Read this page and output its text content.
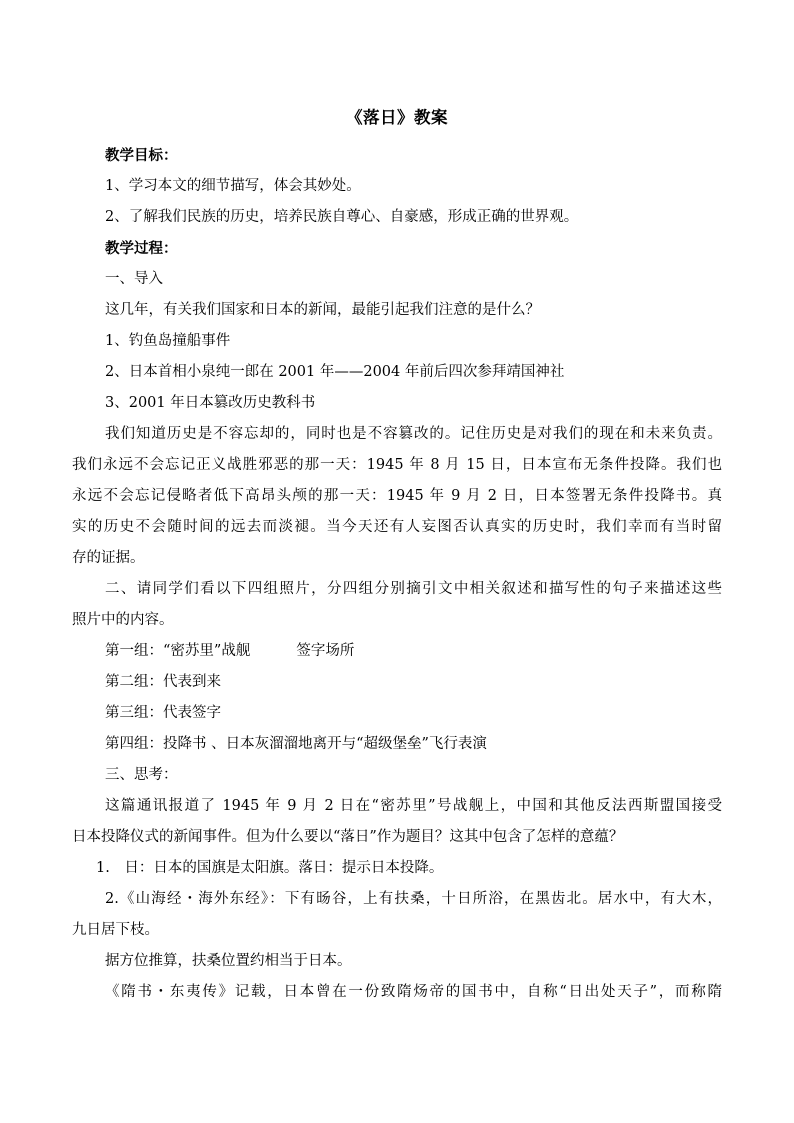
《落日》教案
教学目标：
1、学习本文的细节描写，体会其妙处。
2、了解我们民族的历史，培养民族自尊心、自豪感，形成正确的世界观。
教学过程：
一、导入
这几年，有关我们国家和日本的新闻，最能引起我们注意的是什么？
1、钓鱼岛撞船事件
2、日本首相小泉纯一郎在 2001 年——2004 年前后四次参拜靖国神社
3、2001 年日本篡改历史教科书
我们知道历史是不容忘却的，同时也是不容篡改的。记住历史是对我们的现在和未来负责。
我们永远不会忘记正义战胜邪恶的那一天：1945 年 8 月 15 日，日本宣布无条件投降。我们也
永远不会忘记侵略者低下高昂头颅的那一天：1945 年 9 月 2 日，日本签署无条件投降书。真
实的历史不会随时间的远去而淡褪。当今天还有人妄图否认真实的历史时，我们幸而有当时留
存的证据。
二、请同学们看以下四组照片，分四组分别摘引文中相关叙述和描写性的句子来描述这些
照片中的内容。
第一组：“密苏里”战舰	签字场所
第二组：代表到来
第三组：代表签字
第四组：投降书 、日本灰溜溜地离开与“超级堡垒”飞行表演
三、思考：
这篇通讯报道了 1945 年 9 月 2 日在“密苏里”号战舰上，中国和其他反法西斯盟国接受
日本投降仪式的新闻事件。但为什么要以“落日”作为题目？这其中包含了怎样的意蕴？
1.　日：日本的国旗是太阳旗。落日：提示日本投降。
2.《山海经・海外东经》：下有旸谷，上有扶桑，十日所浴，在黑齿北。居水中，有大木，
九日居下枝。
据方位推算，扶桑位置约相当于日本。
《隋书・东夷传》记载，日本曾在一份致隋炀帝的国书中，自称“日出处天子”，而称隋
